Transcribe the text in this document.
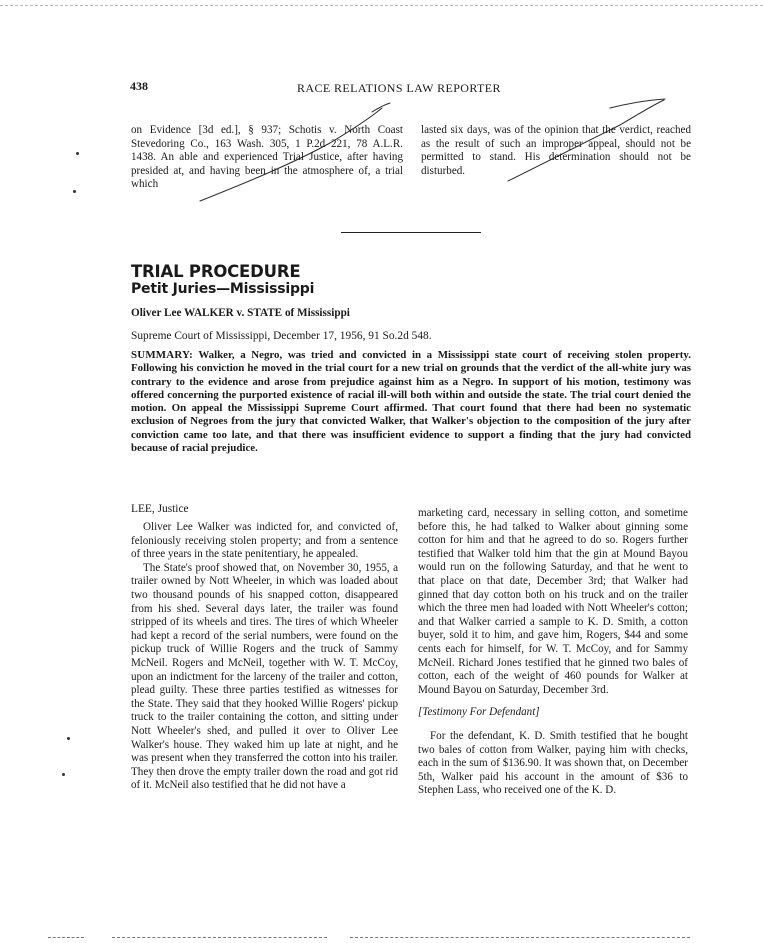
438	RACE RELATIONS LAW REPORTER

on Evidence [3d ed.], § 937; Schotis v. North Coast Stevedoring Co., 163 Wash. 305, 1 P.2d 221, 78 A.L.R. 1438. An able and experienced Trial Justice, after having presided at, and having been in the atmosphere of, a trial which

lasted six days, was of the opinion that the verdict, reached as the result of such an improper appeal, should not be permitted to stand. His determination should not be disturbed.

TRIAL PROCEDURE
Petit Juries—Mississippi
Oliver Lee WALKER v. STATE of Mississippi
Supreme Court of Mississippi, December 17, 1956, 91 So.2d 548.
SUMMARY: Walker, a Negro, was tried and convicted in a Mississippi state court of receiving stolen property. Following his conviction he moved in the trial court for a new trial on grounds that the verdict of the all-white jury was contrary to the evidence and arose from prejudice against him as a Negro. In support of his motion, testimony was offered concerning the purported existence of racial ill-will both within and outside the state. The trial court denied the motion. On appeal the Mississippi Supreme Court affirmed. That court found that there had been no systematic exclusion of Negroes from the jury that convicted Walker, that Walker's objection to the composition of the jury after conviction came too late, and that there was insufficient evidence to support a finding that the jury had convicted because of racial prejudice.
LEE, Justice

Oliver Lee Walker was indicted for, and convicted of, feloniously receiving stolen property; and from a sentence of three years in the state penitentiary, he appealed.

The State's proof showed that, on November 30, 1955, a trailer owned by Nott Wheeler, in which was loaded about two thousand pounds of his snapped cotton, disappeared from his shed. Several days later, the trailer was found stripped of its wheels and tires. The tires of which Wheeler had kept a record of the serial numbers, were found on the pickup truck of Willie Rogers and the truck of Sammy McNeil. Rogers and McNeil, together with W. T. McCoy, upon an indictment for the larceny of the trailer and cotton, plead guilty. These three parties testified as witnesses for the State. They said that they hooked Willie Rogers' pickup truck to the trailer containing the cotton, and sitting under Nott Wheeler's shed, and pulled it over to Oliver Lee Walker's house. They waked him up late at night, and he was present when they transferred the cotton into his trailer. They then drove the empty trailer down the road and got rid of it. McNeil also testified that he did not have a

marketing card, necessary in selling cotton, and sometime before this, he had talked to Walker about ginning some cotton for him and that he agreed to do so. Rogers further testified that Walker told him that the gin at Mound Bayou would run on the following Saturday, and that he went to that place on that date, December 3rd; that Walker had ginned that day cotton both on his truck and on the trailer which the three men had loaded with Nott Wheeler's cotton; and that Walker carried a sample to K. D. Smith, a cotton buyer, sold it to him, and gave him, Rogers, $44 and some cents each for himself, for W. T. McCoy, and for Sammy McNeil. Richard Jones testified that he ginned two bales of cotton, each of the weight of 460 pounds for Walker at Mound Bayou on Saturday, December 3rd.

[Testimony For Defendant]

For the defendant, K. D. Smith testified that he bought two bales of cotton from Walker, paying him with checks, each in the sum of $136.90. It was shown that, on December 5th, Walker paid his account in the amount of $36 to Stephen Lass, who received one of the K. D.
